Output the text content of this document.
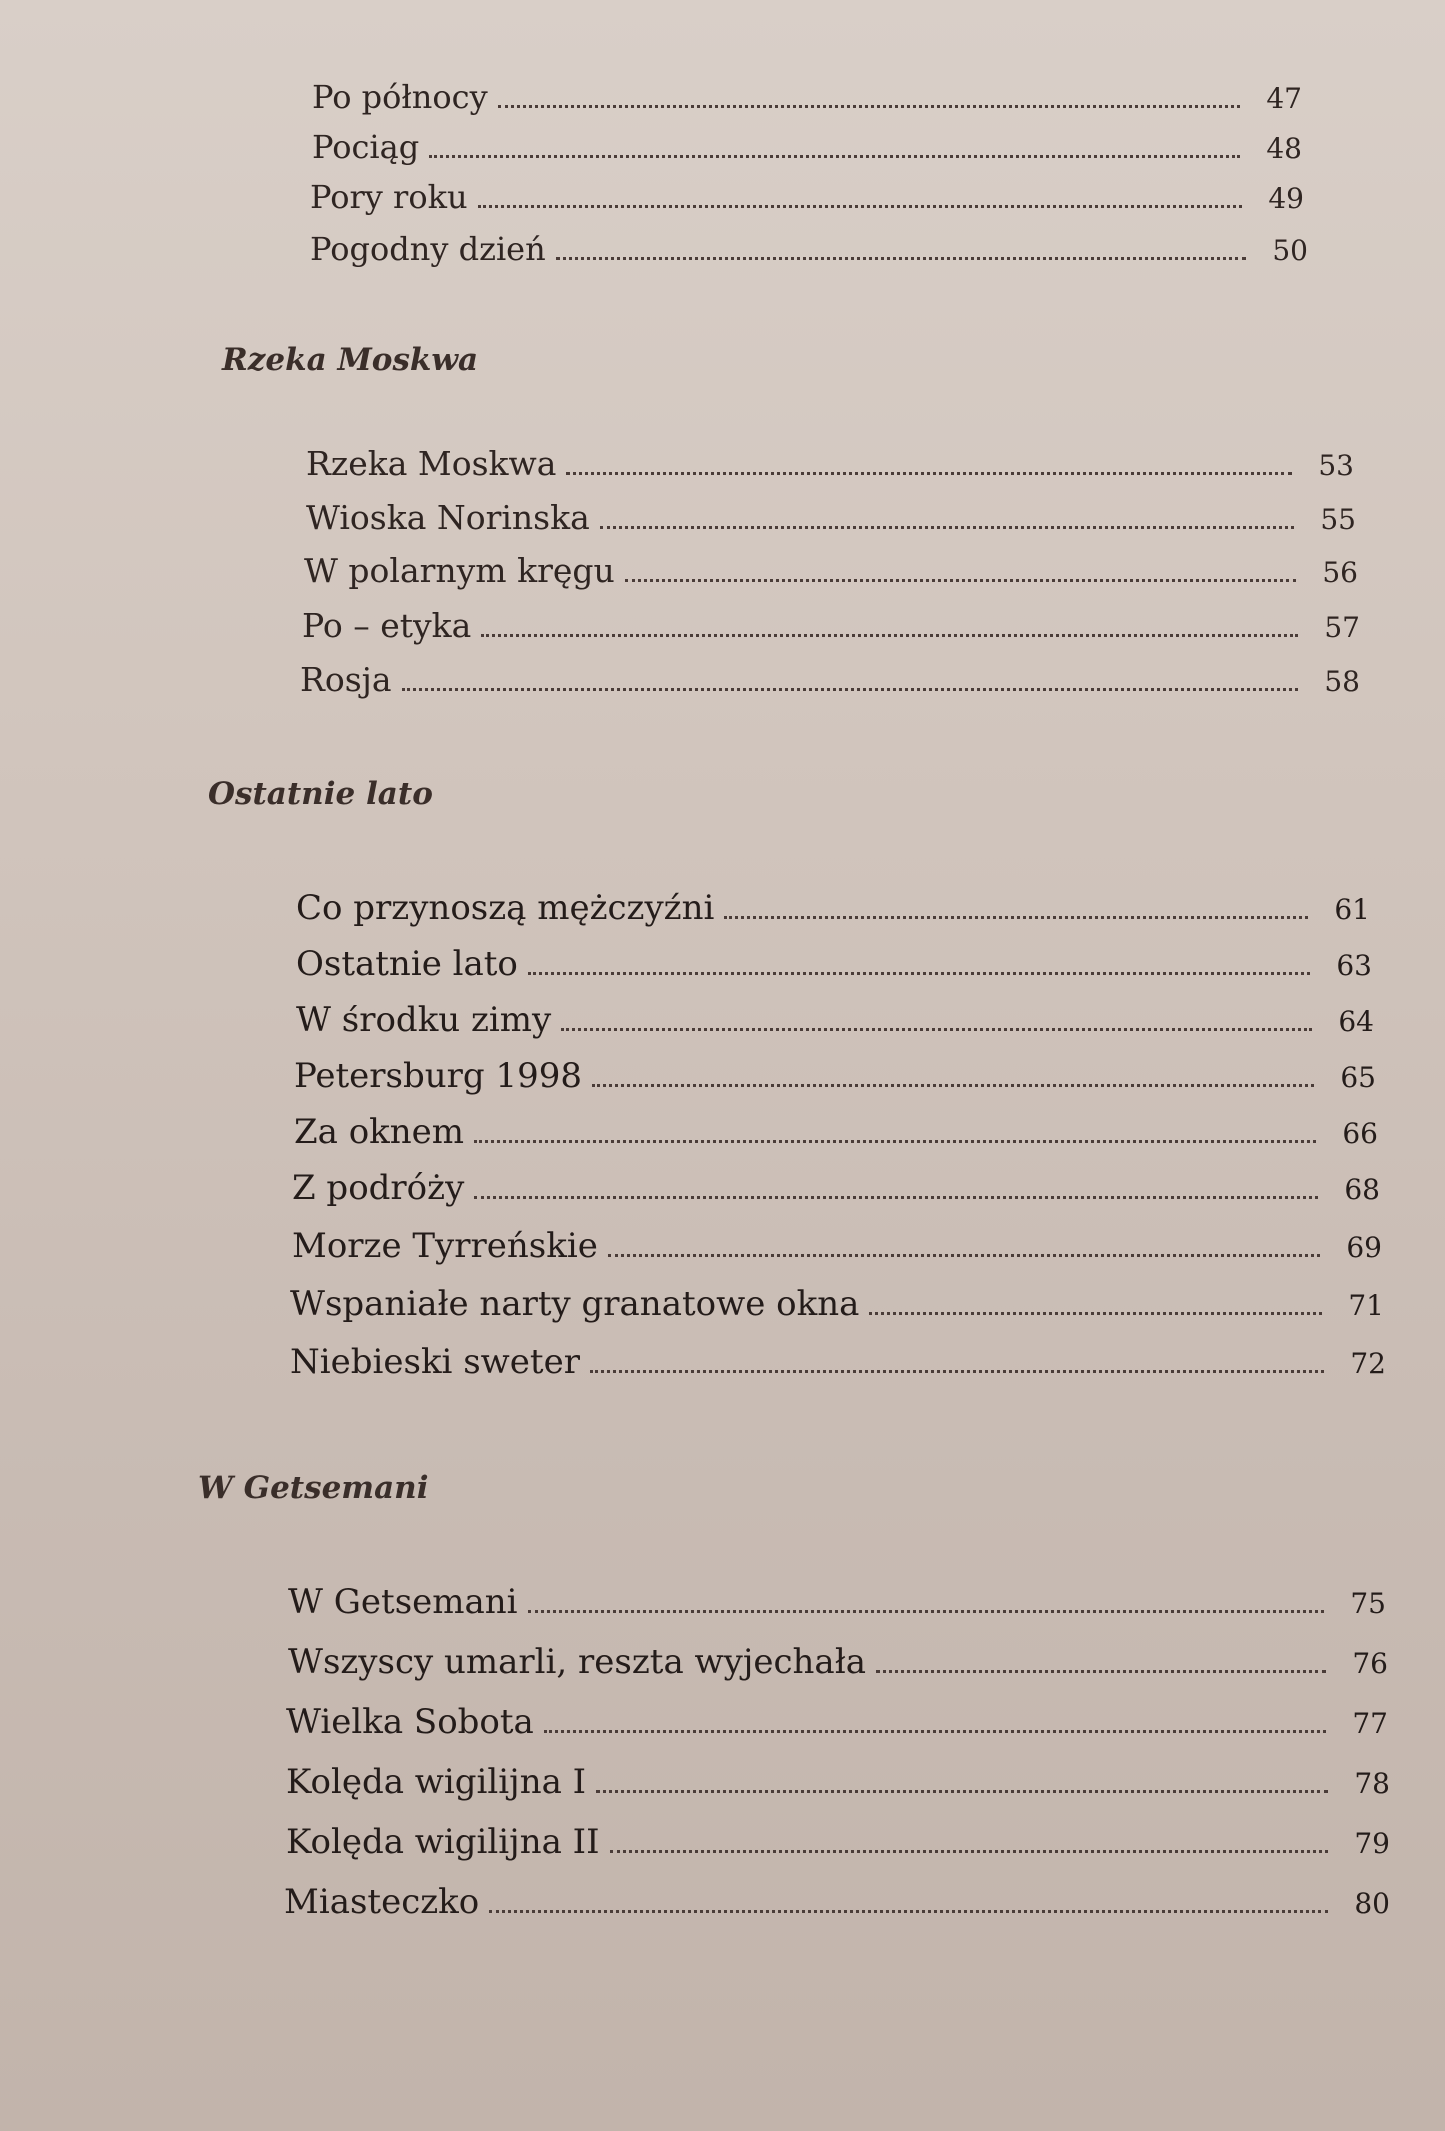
Po północy	47
Pociąg	48
Pory roku	49
Pogodny dzień	50
Rzeka Moskwa
Rzeka Moskwa	53
Wioska Norinska	55
W polarnym kręgu	56
Po – etyka	57
Rosja	58
Ostatnie lato
Co przynoszą mężczyźni	61
Ostatnie lato	63
W środku zimy	64
Petersburg 1998	65
Za oknem	66
Z podróży	68
Morze Tyrreńskie	69
Wspaniałe narty granatowe okna	71
Niebieski sweter	72
W Getsemani
W Getsemani	75
Wszyscy umarli, reszta wyjechała	76
Wielka Sobota	77
Kolęda wigilijna I	78
Kolęda wigilijna II	79
Miasteczko	80
